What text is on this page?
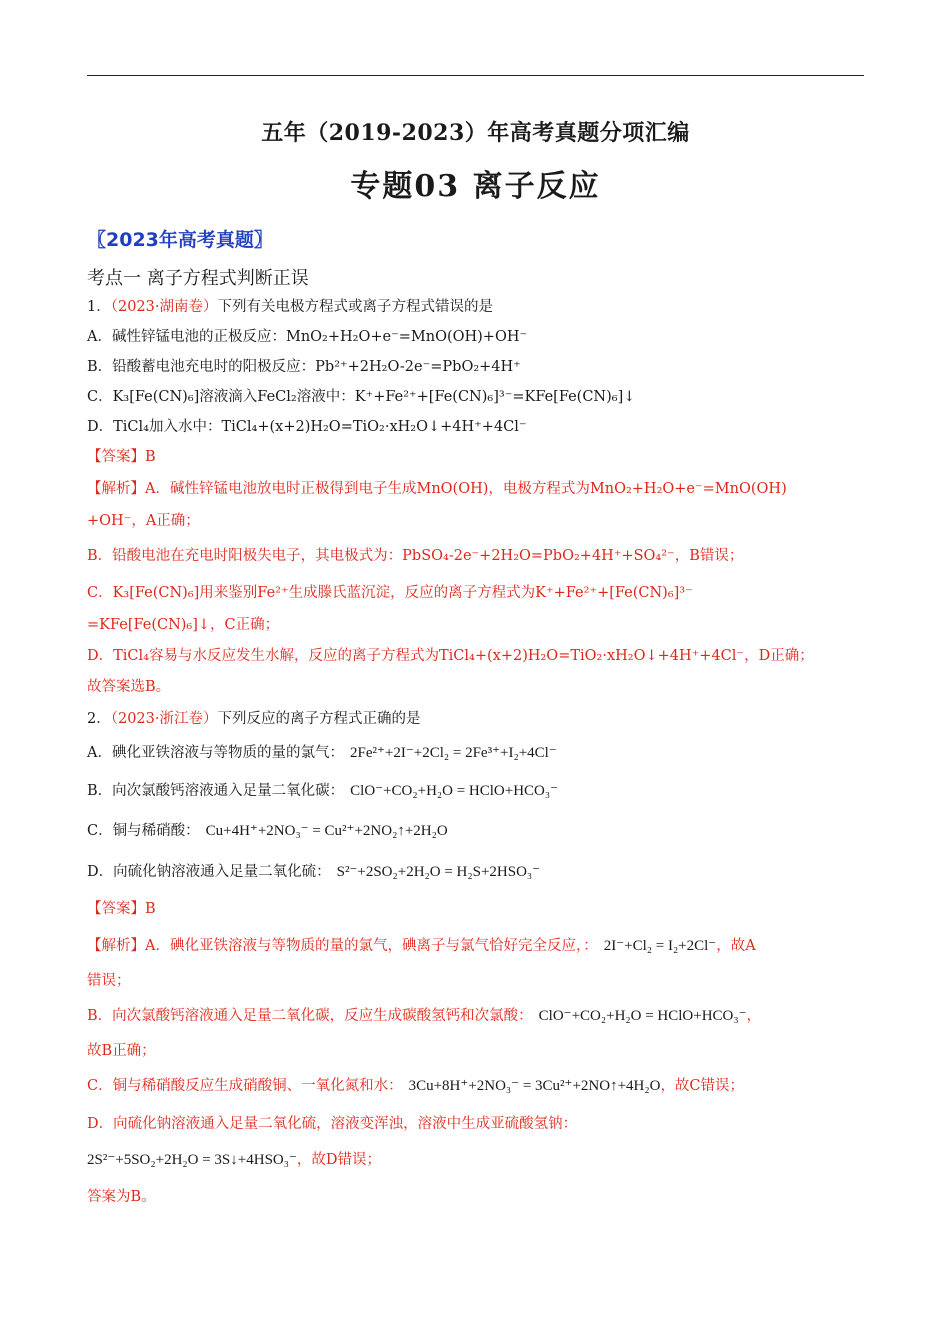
五年（2019-2023）年高考真题分项汇编
专题03 离子反应
〖2023年高考真题〗
考点一 离子方程式判断正误
1．（2023·湖南卷）下列有关电极方程式或离子方程式错误的是
A．碱性锌锰电池的正极反应：MnO₂+H₂O+e⁻=MnO(OH)+OH⁻
B．铅酸蓄电池充电时的阳极反应：Pb²⁺+2H₂O-2e⁻=PbO₂+4H⁺
C．K₃[Fe(CN)₆]溶液滴入FeCl₂溶液中：K⁺+Fe²⁺+[Fe(CN)₆]³⁻=KFe[Fe(CN)₆]↓
D．TiCl₄加入水中：TiCl₄+(x+2)H₂O=TiO₂·xH₂O↓+4H⁺+4Cl⁻
【答案】B
【解析】A．碱性锌锰电池放电时正极得到电子生成MnO(OH)，电极方程式为MnO₂+H₂O+e⁻=MnO(OH)
+OH⁻，A正确；
B．铅酸电池在充电时阳极失电子，其电极式为：PbSO₄-2e⁻+2H₂O=PbO₂+4H⁺+SO₄²⁻，B错误；
C．K₃[Fe(CN)₆]用来鉴别Fe²⁺生成滕氏蓝沉淀，反应的离子方程式为K⁺+Fe²⁺+[Fe(CN)₆]³⁻
=KFe[Fe(CN)₆]↓，C正确；
D．TiCl₄容易与水反应发生水解，反应的离子方程式为TiCl₄+(x+2)H₂O=TiO₂·xH₂O↓+4H⁺+4Cl⁻，D正确；
故答案选B。
2．（2023·浙江卷）下列反应的离子方程式正确的是
A．碘化亚铁溶液与等物质的量的氯气： 2Fe²⁺+2I⁻+2Cl₂ = 2Fe³⁺+I₂+4Cl⁻
B．向次氯酸钙溶液通入足量二氧化碳： ClO⁻+CO₂+H₂O = HClO+HCO₃⁻
C．铜与稀硝酸： Cu+4H⁺+2NO₃⁻ = Cu²⁺+2NO₂↑+2H₂O
D．向硫化钠溶液通入足量二氧化硫： S²⁻+2SO₂+2H₂O = H₂S+2HSO₃⁻
【答案】B
【解析】A．碘化亚铁溶液与等物质的量的氯气，碘离子与氯气恰好完全反应，： 2I⁻+Cl₂ = I₂+2Cl⁻，故A
错误；
B．向次氯酸钙溶液通入足量二氧化碳，反应生成碳酸氢钙和次氯酸： ClO⁻+CO₂+H₂O = HClO+HCO₃⁻，
故B正确；
C．铜与稀硝酸反应生成硝酸铜、一氧化氮和水： 3Cu+8H⁺+2NO₃⁻ = 3Cu²⁺+2NO↑+4H₂O，故C错误；
D．向硫化钠溶液通入足量二氧化硫，溶液变浑浊，溶液中生成亚硫酸氢钠：
2S²⁻+5SO₂+2H₂O = 3S↓+4HSO₃⁻，故D错误；
答案为B。
